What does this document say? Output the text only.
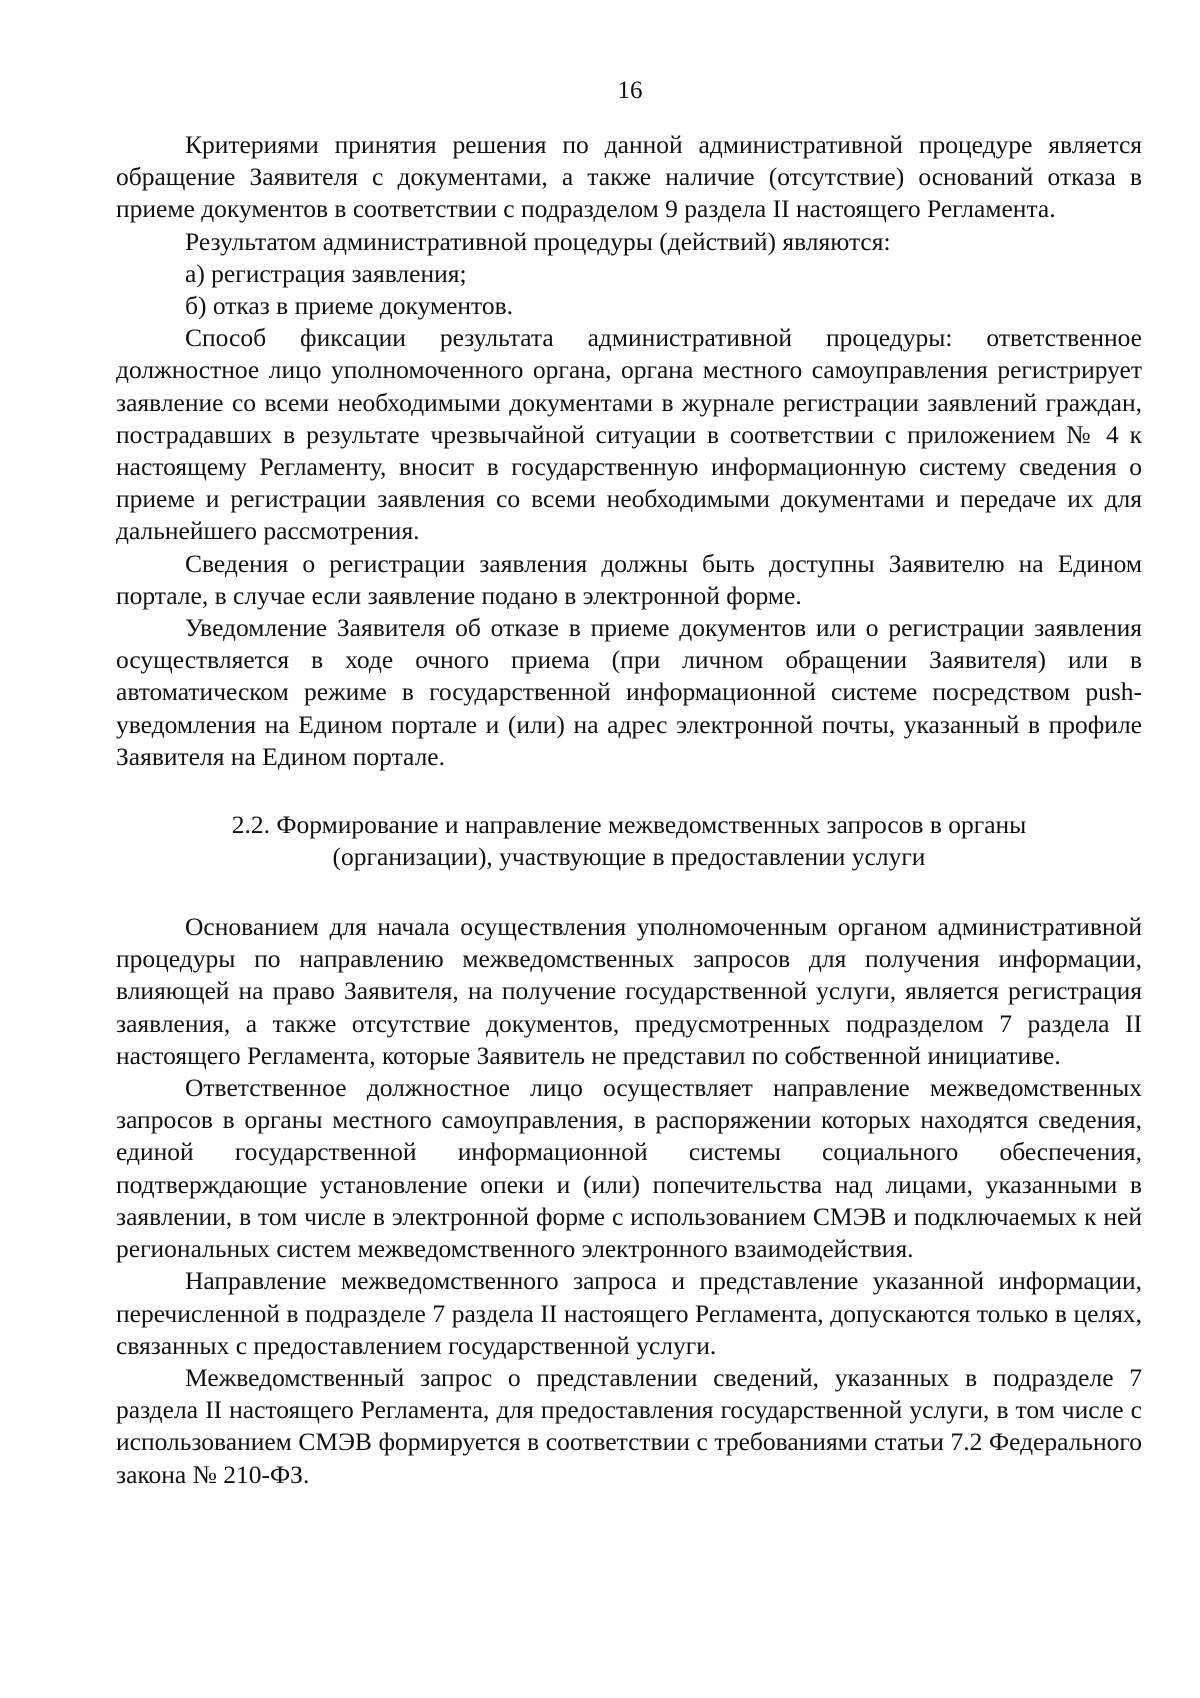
16

Критериями принятия решения по данной административной процедуре является обращение Заявителя с документами, а также наличие (отсутствие) оснований отказа в приеме документов в соответствии с подразделом 9 раздела II настоящего Регламента.

Результатом административной процедуры (действий) являются:

а) регистрация заявления;

б) отказ в приеме документов.

Способ фиксации результата административной процедуры: ответственное должностное лицо уполномоченного органа, органа местного самоуправления регистрирует заявление со всеми необходимыми документами в журнале регистрации заявлений граждан, пострадавших в результате чрезвычайной ситуации в соответствии с приложением № 4 к настоящему Регламенту, вносит в государственную информационную систему сведения о приеме и регистрации заявления со всеми необходимыми документами и передаче их для дальнейшего рассмотрения.

Сведения о регистрации заявления должны быть доступны Заявителю на Едином портале, в случае если заявление подано в электронной форме.

Уведомление Заявителя об отказе в приеме документов или о регистрации заявления осуществляется в ходе очного приема (при личном обращении Заявителя) или в автоматическом режиме в государственной информационной системе посредством push-уведомления на Едином портале и (или) на адрес электронной почты, указанный в профиле Заявителя на Едином портале.

2.2. Формирование и направление межведомственных запросов в органы
(организации), участвующие в предоставлении услуги

Основанием для начала осуществления уполномоченным органом административной процедуры по направлению межведомственных запросов для получения информации, влияющей на право Заявителя, на получение государственной услуги, является регистрация заявления, а также отсутствие документов, предусмотренных подразделом 7 раздела II настоящего Регламента, которые Заявитель не представил по собственной инициативе.

Ответственное должностное лицо осуществляет направление межведомственных запросов в органы местного самоуправления, в распоряжении которых находятся сведения, единой государственной информационной системы социального обеспечения, подтверждающие установление опеки и (или) попечительства над лицами, указанными в заявлении, в том числе в электронной форме с использованием СМЭВ и подключаемых к ней региональных систем межведомственного электронного взаимодействия.

Направление межведомственного запроса и представление указанной информации, перечисленной в подразделе 7 раздела II настоящего Регламента, допускаются только в целях, связанных с предоставлением государственной услуги.

Межведомственный запрос о представлении сведений, указанных в подразделе 7 раздела II настоящего Регламента, для предоставления государственной услуги, в том числе с использованием СМЭВ формируется в соответствии с требованиями статьи 7.2 Федерального закона № 210-ФЗ.
